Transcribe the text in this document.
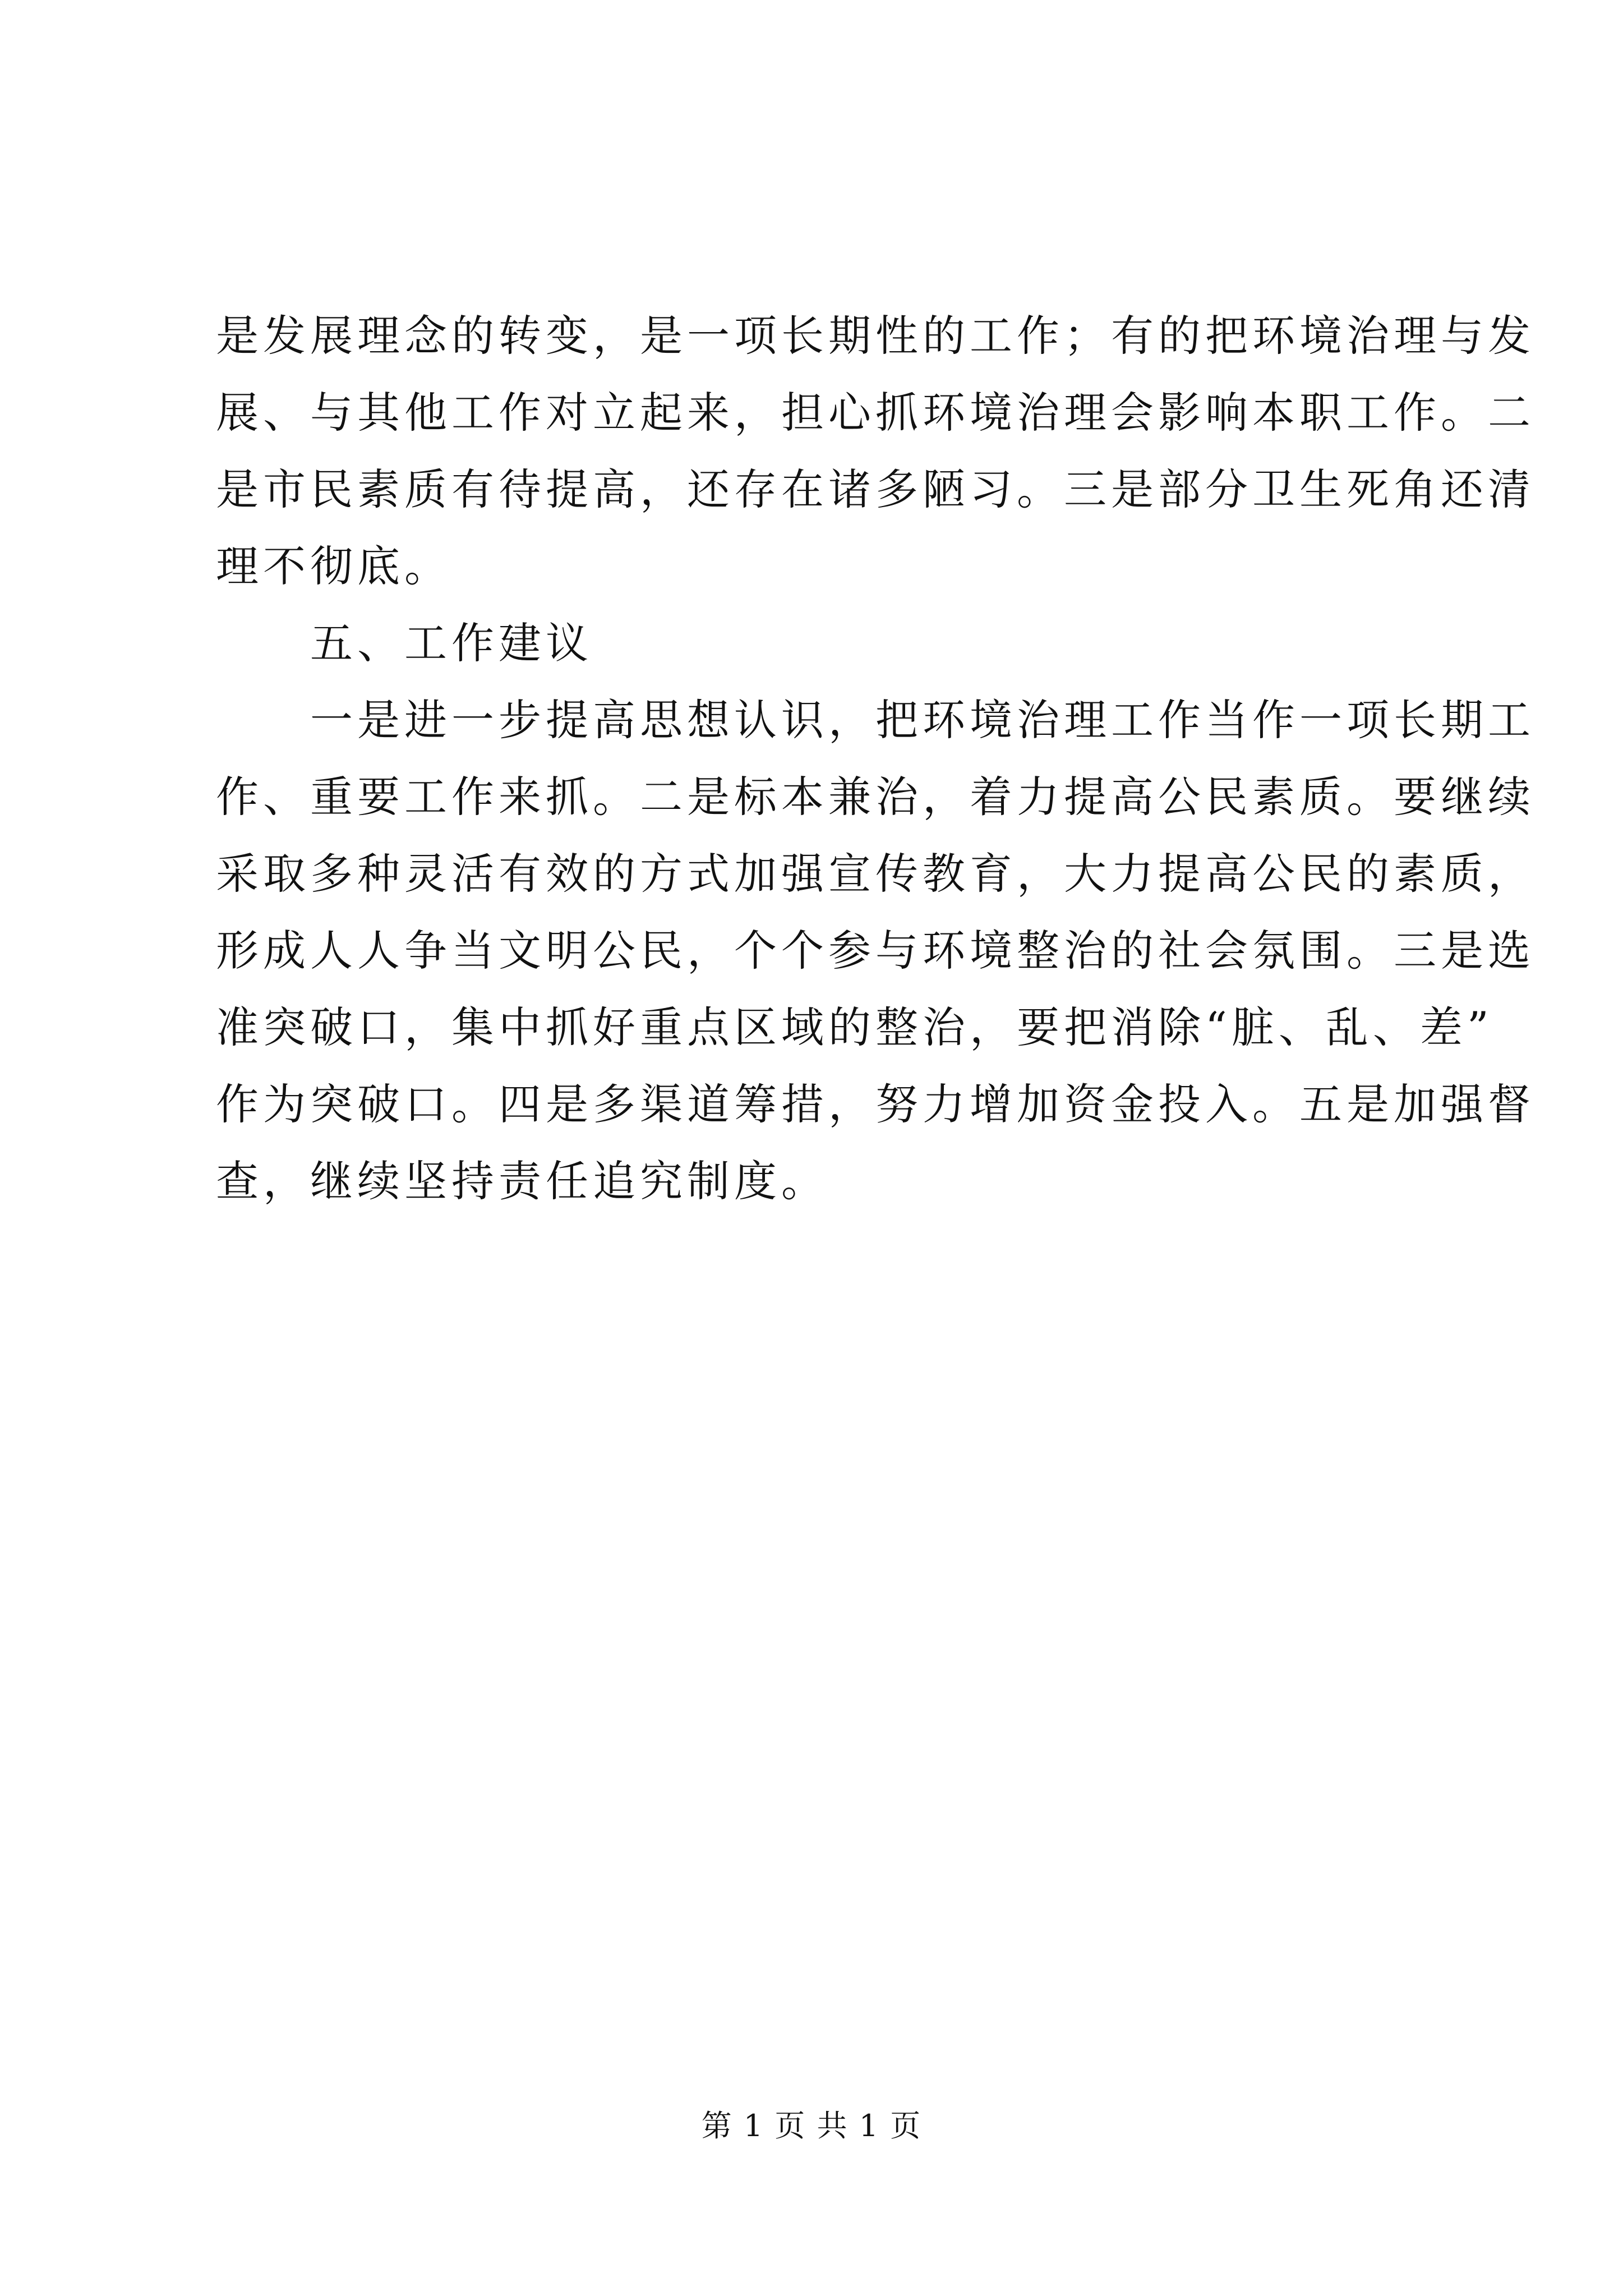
是发展理念的转变，是一项长期性的工作；有的把环境治理与发
展、与其他工作对立起来，担心抓环境治理会影响本职工作。二
是市民素质有待提高，还存在诸多陋习。三是部分卫生死角还清
理不彻底。
　　五、工作建议
　　一是进一步提高思想认识，把环境治理工作当作一项长期工
作、重要工作来抓。二是标本兼治，着力提高公民素质。要继续
采取多种灵活有效的方式加强宣传教育，大力提高公民的素质，
形成人人争当文明公民，个个参与环境整治的社会氛围。三是选
准突破口，集中抓好重点区域的整治，要把消除“脏、乱、差”
作为突破口。四是多渠道筹措，努力增加资金投入。五是加强督
查，继续坚持责任追究制度。
第 1 页 共 1 页
